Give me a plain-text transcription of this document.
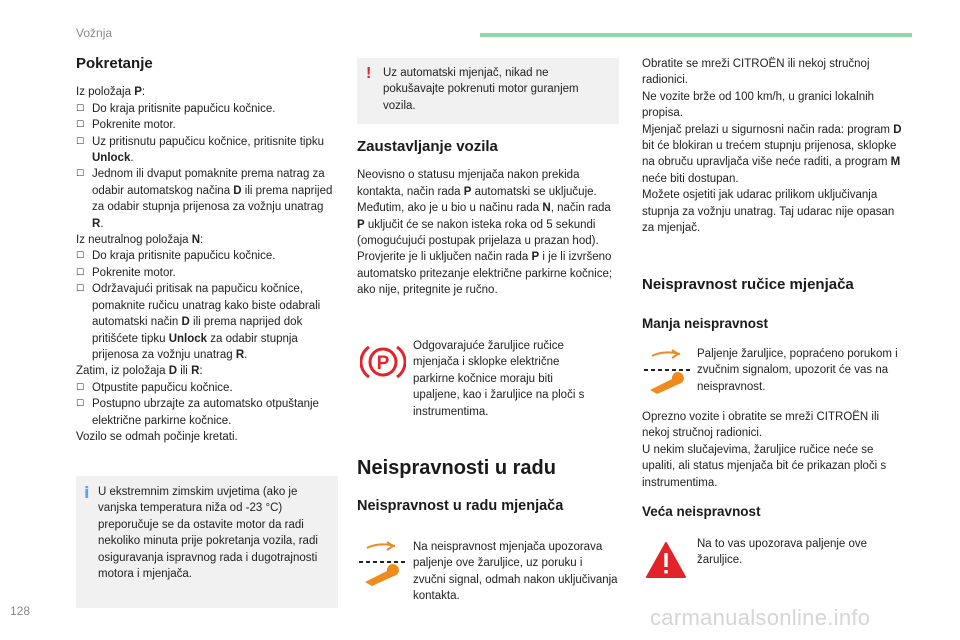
Vožnja
Pokretanje
Iz položaja P:
☐ Do kraja pritisnite papučicu kočnice.
☐ Pokrenite motor.
☐ Uz pritisnutu papučicu kočnice, pritisnite tipku Unlock.
☐ Jednom ili dvaput pomaknite prema natrag za odabir automatskog načina D ili prema naprijed za odabir stupnja prijenosa za vožnju unatrag R.
Iz neutralnog položaja N:
☐ Do kraja pritisnite papučicu kočnice.
☐ Pokrenite motor.
☐ Održavajući pritisak na papučicu kočnice, pomaknite ručicu unatrag kako biste odabrali automatski način D ili prema naprijed dok pritišćete tipku Unlock za odabir stupnja prijenosa za vožnju unatrag R.
Zatim, iz položaja D ili R:
☐ Otpustite papučicu kočnice.
☐ Postupno ubrzajte za automatsko otpuštanje električne parkirne kočnice.
Vozilo se odmah počinje kretati.
i U ekstremnim zimskim uvjetima (ako je vanjska temperatura niža od -23 °C) preporučuje se da ostavite motor da radi nekoliko minuta prije pokretanja vozila, radi osiguravanja ispravnog rada i dugotrajnosti motora i mjenjača.
! Uz automatski mjenjač, nikad ne pokušavajte pokrenuti motor guranjem vozila.
Zaustavljanje vozila
Neovisno o statusu mjenjača nakon prekida kontakta, način rada P automatski se uključuje.
Međutim, ako je u bio u načinu rada N, način rada P uključit će se nakon isteka roka od 5 sekundi (omogućujući postupak prijelaza u prazan hod).
Provjerite je li uključen način rada P i je li izvršeno automatsko pritezanje električne parkirne kočnice; ako nije, pritegnite je ručno.
P
Odgovarajuće žaruljice ručice mjenjača i sklopke električne parkirne kočnice moraju biti upaljene, kao i žaruljice na ploči s instrumentima.
Neispravnosti u radu
Neispravnost u radu mjenjača
Na neispravnost mjenjača upozorava paljenje ove žaruljice, uz poruku i zvučni signal, odmah nakon uključivanja kontakta.
Obratite se mreži CITROËN ili nekoj stručnoj radionici.
Ne vozite brže od 100 km/h, u granici lokalnih propisa.
Mjenjač prelazi u sigurnosni način rada: program D bit će blokiran u trećem stupnju prijenosa, sklopke na obruču upravljača više neće raditi, a program M neće biti dostupan.
Možete osjetiti jak udarac prilikom uključivanja stupnja za vožnju unatrag. Taj udarac nije opasan za mjenjač.
Neispravnost ručice mjenjača
Manja neispravnost
Paljenje žaruljice, popraćeno porukom i zvučnim signalom, upozorit će vas na neispravnost.
Oprezno vozite i obratite se mreži CITROËN ili nekoj stručnoj radionici.
U nekim slučajevima, žaruljice ručice neće se upaliti, ali status mjenjača bit će prikazan ploči s instrumentima.
Veća neispravnost
Na to vas upozorava paljenje ove žaruljice.
128	carmanualsonline.info
